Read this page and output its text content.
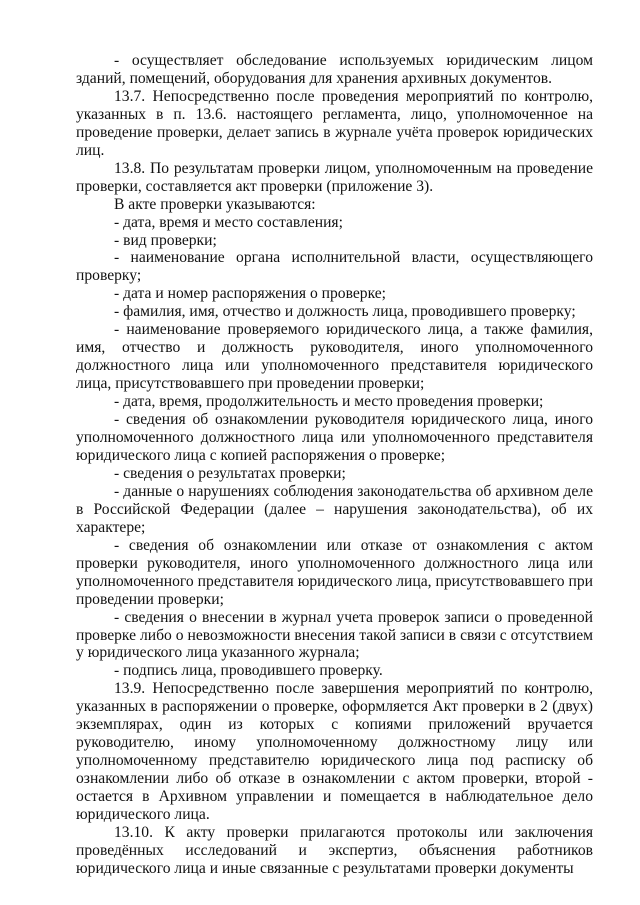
- осуществляет обследование используемых юридическим лицом зданий, помещений, оборудования для хранения архивных документов.

13.7. Непосредственно после проведения мероприятий по контролю, указанных в п. 13.6. настоящего регламента, лицо, уполномоченное на проведение проверки, делает запись в журнале учёта проверок юридических лиц.

13.8. По результатам проверки лицом, уполномоченным на проведение проверки, составляется акт проверки (приложение 3).

В акте проверки указываются:

- дата, время и место составления;

- вид проверки;

- наименование органа исполнительной власти, осуществляющего проверку;

- дата и номер распоряжения о проверке;

- фамилия, имя, отчество и должность лица, проводившего проверку;

- наименование проверяемого юридического лица, а также фамилия, имя, отчество и должность руководителя, иного уполномоченного должностного лица или уполномоченного представителя юридического лица, присутствовавшего при проведении проверки;

- дата, время, продолжительность и место проведения проверки;

- сведения об ознакомлении руководителя юридического лица, иного уполномоченного должностного лица или уполномоченного представителя юридического лица с копией распоряжения о проверке;

- сведения о результатах проверки;

- данные о нарушениях соблюдения законодательства об архивном деле в Российской Федерации (далее – нарушения законодательства), об их характере;

- сведения об ознакомлении или отказе от ознакомления с актом проверки руководителя, иного уполномоченного должностного лица или уполномоченного представителя юридического лица, присутствовавшего при проведении проверки;

- сведения о внесении в журнал учета проверок записи о проведенной проверке либо о невозможности внесения такой записи в связи с отсутствием у юридического лица указанного журнала;

- подпись лица, проводившего проверку.

13.9. Непосредственно после завершения мероприятий по контролю, указанных в распоряжении о проверке, оформляется Акт проверки в 2 (двух) экземплярах, один из которых с копиями приложений вручается руководителю, иному уполномоченному должностному лицу или уполномоченному представителю юридического лица под расписку об ознакомлении либо об отказе в ознакомлении с актом проверки, второй - остается в Архивном управлении и помещается в наблюдательное дело юридического лица.

13.10. К акту проверки прилагаются протоколы или заключения проведённых исследований и экспертиз, объяснения работников юридического лица и иные связанные с результатами проверки документы
